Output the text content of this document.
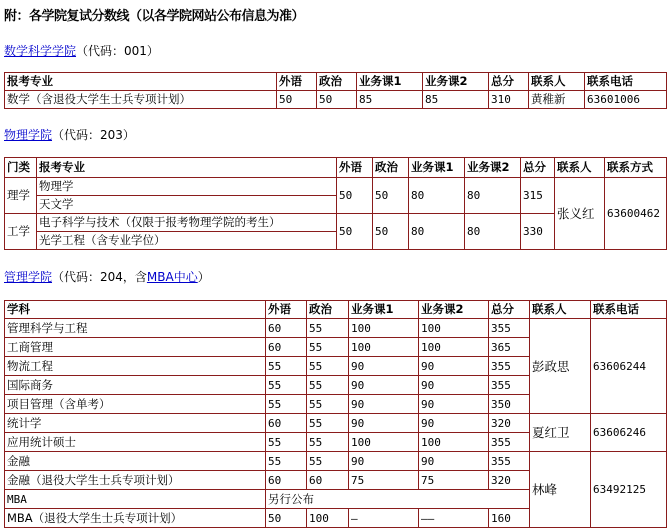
附：各学院复试分数线（以各学院网站公布信息为准）
数学科学学院（代码：001）
报考专业	外语	政治	业务课1	业务课2	总分	联系人	联系电话
数学（含退役大学生士兵专项计划）	50	50	85	85	310	黄稚新	63601006
物理学院（代码：203）
门类	报考专业	外语	政治	业务课1	业务课2	总分	联系人	联系方式
理学	物理学	50	50	80	80	315	张义红	63600462
	天文学							
工学	电子科学与技术（仅限于报考物理学院的考生）	50	50	80	80	330		
	光学工程（含专业学位）							
管理学院（代码：204，含MBA中心）
学科	外语	政治	业务课1	业务课2	总分	联系人	联系电话
管理科学与工程	60	55	100	100	355	彭政思	63606244
工商管理	60	55	100	100	365		
物流工程	55	55	90	90	355		
国际商务	55	55	90	90	355		
项目管理（含单考）	55	55	90	90	350		
统计学	60	55	90	90	320	夏红卫	63606246
应用统计硕士	55	55	100	100	355		
金融	55	55	90	90	355	林峰	63492125
金融（退役大学生士兵专项计划）	60	60	75	75	320		
MBA	另行公布						
MBA（退役大学生士兵专项计划）	50	100	–	––	160		
